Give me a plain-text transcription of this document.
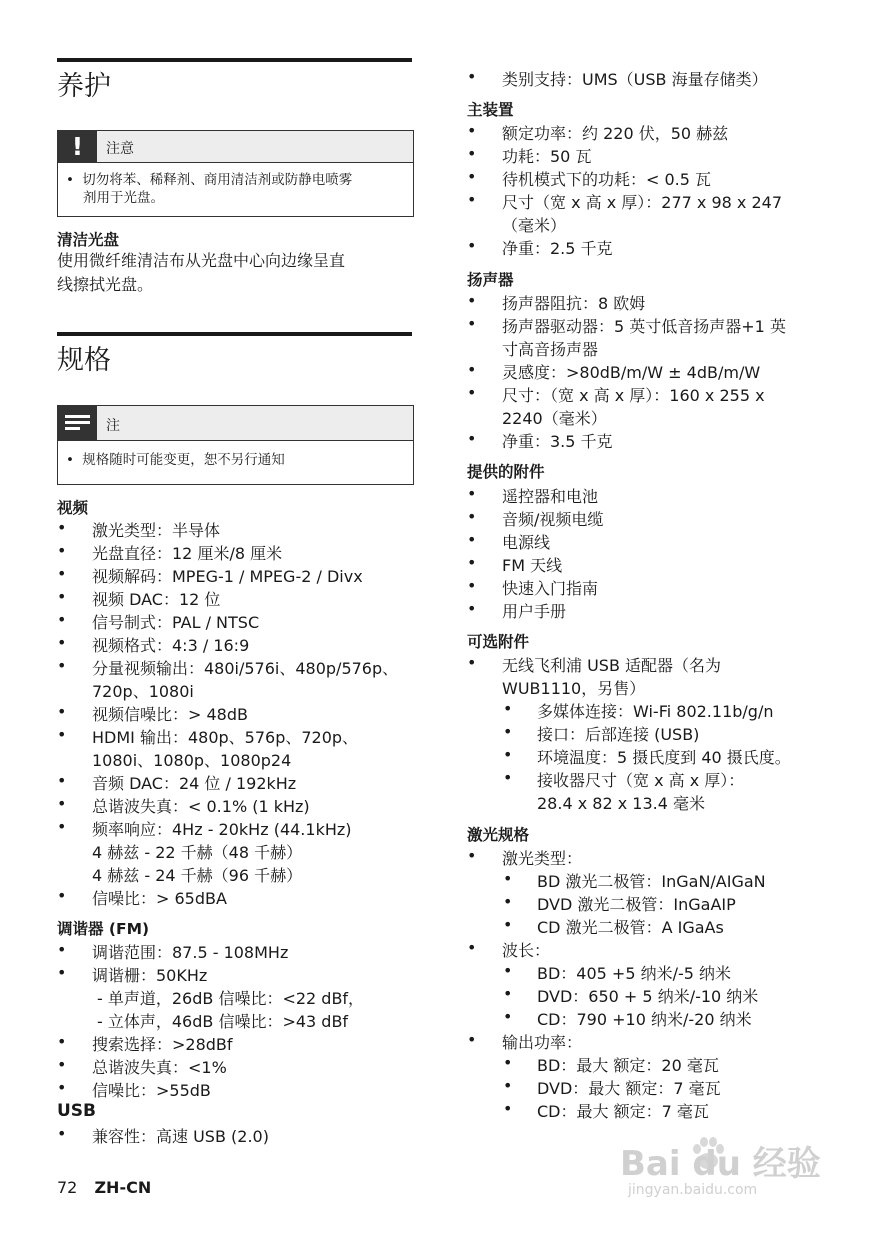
养护
!	注意
• 切勿将苯、稀释剂、商用清洁剂或防静电喷雾
剂用于光盘。
清洁光盘
使用微纤维清洁布从光盘中心向边缘呈直
线擦拭光盘。
规格
注
• 规格随时可能变更，恕不另行通知
视频
• 激光类型：半导体
• 光盘直径：12 厘米/8 厘米
• 视频解码：MPEG-1 / MPEG-2 / Divx
• 视频 DAC：12 位
• 信号制式：PAL / NTSC
• 视频格式：4:3 / 16:9
• 分量视频输出：480i/576i、480p/576p、
720p、1080i
• 视频信噪比：> 48dB
• HDMI 输出：480p、576p、720p、
1080i、1080p、1080p24
• 音频 DAC：24 位 / 192kHz
• 总谐波失真：< 0.1% (1 kHz)
• 频率响应：4Hz - 20kHz (44.1kHz)
4 赫兹 - 22 千赫（48 千赫）
4 赫兹 - 24 千赫（96 千赫）
• 信噪比：> 65dBA
调谐器 (FM)
• 调谐范围：87.5 - 108MHz
• 调谐栅：50KHz
- 单声道，26dB 信噪比：<22 dBf，
- 立体声，46dB 信噪比：>43 dBf
• 搜索选择：>28dBf
• 总谐波失真：<1%
• 信噪比：>55dB
USB
• 兼容性：高速 USB (2.0)
• 类别支持：UMS（USB 海量存储类）
主装置
• 额定功率：约 220 伏，50 赫兹
• 功耗：50 瓦
• 待机模式下的功耗：< 0.5 瓦
• 尺寸（宽 x 高 x 厚）：277 x 98 x 247
（毫米）
• 净重：2.5 千克
扬声器
• 扬声器阻抗：8 欧姆
• 扬声器驱动器：5 英寸低音扬声器+1 英
寸高音扬声器
• 灵感度：>80dB/m/W ± 4dB/m/W
• 尺寸：（宽 x 高 x 厚）：160 x 255 x
2240（毫米）
• 净重：3.5 千克
提供的附件
• 遥控器和电池
• 音频/视频电缆
• 电源线
• FM 天线
• 快速入门指南
• 用户手册
可选附件
• 无线飞利浦 USB 适配器（名为
WUB1110，另售）
• 多媒体连接：Wi-Fi 802.11b/g/n
• 接口：后部连接 (USB)
• 环境温度：5 摄氏度到 40 摄氏度。
• 接收器尺寸（宽 x 高 x 厚）：
28.4 x 82 x 13.4 毫米
激光规格
• 激光类型：
• BD 激光二极管：InGaN/AIGaN
• DVD 激光二极管：InGaAIP
• CD 激光二极管：A IGaAs
• 波长：
• BD：405 +5 纳米/-5 纳米
• DVD：650 + 5 纳米/-10 纳米
• CD：790 +10 纳米/-20 纳米
• 输出功率：
• BD：最大 额定：20 毫瓦
• DVD：最大 额定：7 毫瓦
• CD：最大 额定：7 毫瓦
72 ZH-CN
Bai du 经验
jingyan.baidu.com
